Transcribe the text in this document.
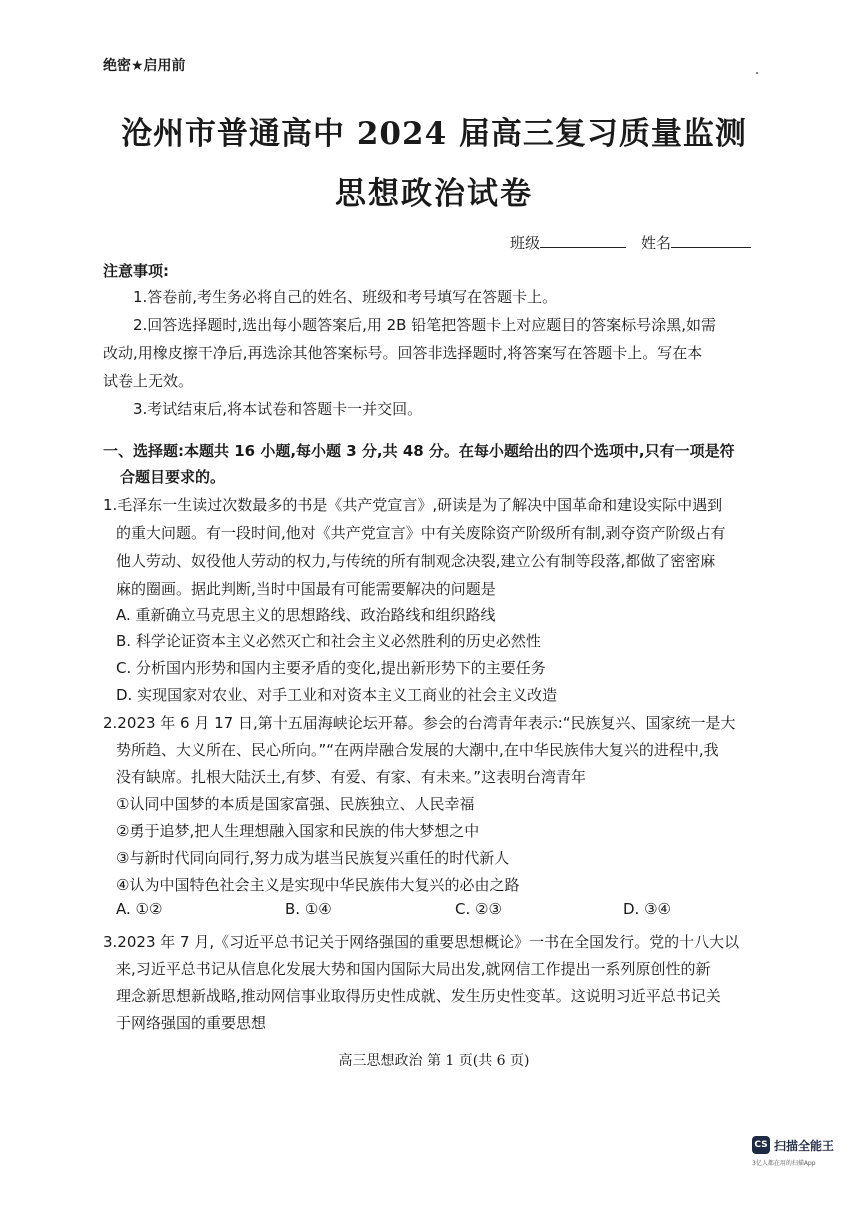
绝密★启用前
沧州市普通高中 2024 届高三复习质量监测
思想政治试卷
班级	姓名
注意事项:
1.答卷前,考生务必将自己的姓名、班级和考号填写在答题卡上。
2.回答选择题时,选出每小题答案后,用 2B 铅笔把答题卡上对应题目的答案标号涂黑,如需
改动,用橡皮擦干净后,再选涂其他答案标号。回答非选择题时,将答案写在答题卡上。写在本
试卷上无效。
3.考试结束后,将本试卷和答题卡一并交回。
一、选择题:本题共 16 小题,每小题 3 分,共 48 分。在每小题给出的四个选项中,只有一项是符
合题目要求的。
1.毛泽东一生读过次数最多的书是《共产党宣言》,研读是为了解决中国革命和建设实际中遇到
的重大问题。有一段时间,他对《共产党宣言》中有关废除资产阶级所有制,剥夺资产阶级占有
他人劳动、奴役他人劳动的权力,与传统的所有制观念决裂,建立公有制等段落,都做了密密麻
麻的圈画。据此判断,当时中国最有可能需要解决的问题是
A. 重新确立马克思主义的思想路线、政治路线和组织路线
B. 科学论证资本主义必然灭亡和社会主义必然胜利的历史必然性
C. 分析国内形势和国内主要矛盾的变化,提出新形势下的主要任务
D. 实现国家对农业、对手工业和对资本主义工商业的社会主义改造
2.2023 年 6 月 17 日,第十五届海峡论坛开幕。参会的台湾青年表示:“民族复兴、国家统一是大
势所趋、大义所在、民心所向。”“在两岸融合发展的大潮中,在中华民族伟大复兴的进程中,我
没有缺席。扎根大陆沃土,有梦、有爱、有家、有未来。”这表明台湾青年
①认同中国梦的本质是国家富强、民族独立、人民幸福
②勇于追梦,把人生理想融入国家和民族的伟大梦想之中
③与新时代同向同行,努力成为堪当民族复兴重任的时代新人
④认为中国特色社会主义是实现中华民族伟大复兴的必由之路
A. ①②	B. ①④	C. ②③	D. ③④
3.2023 年 7 月,《习近平总书记关于网络强国的重要思想概论》一书在全国发行。党的十八大以
来,习近平总书记从信息化发展大势和国内国际大局出发,就网信工作提出一系列原创性的新
理念新思想新战略,推动网信事业取得历史性成就、发生历史性变革。这说明习近平总书记关
于网络强国的重要思想
高三思想政治 第 1 页(共 6 页)
CS 扫描全能王
3亿人都在用的扫描App
